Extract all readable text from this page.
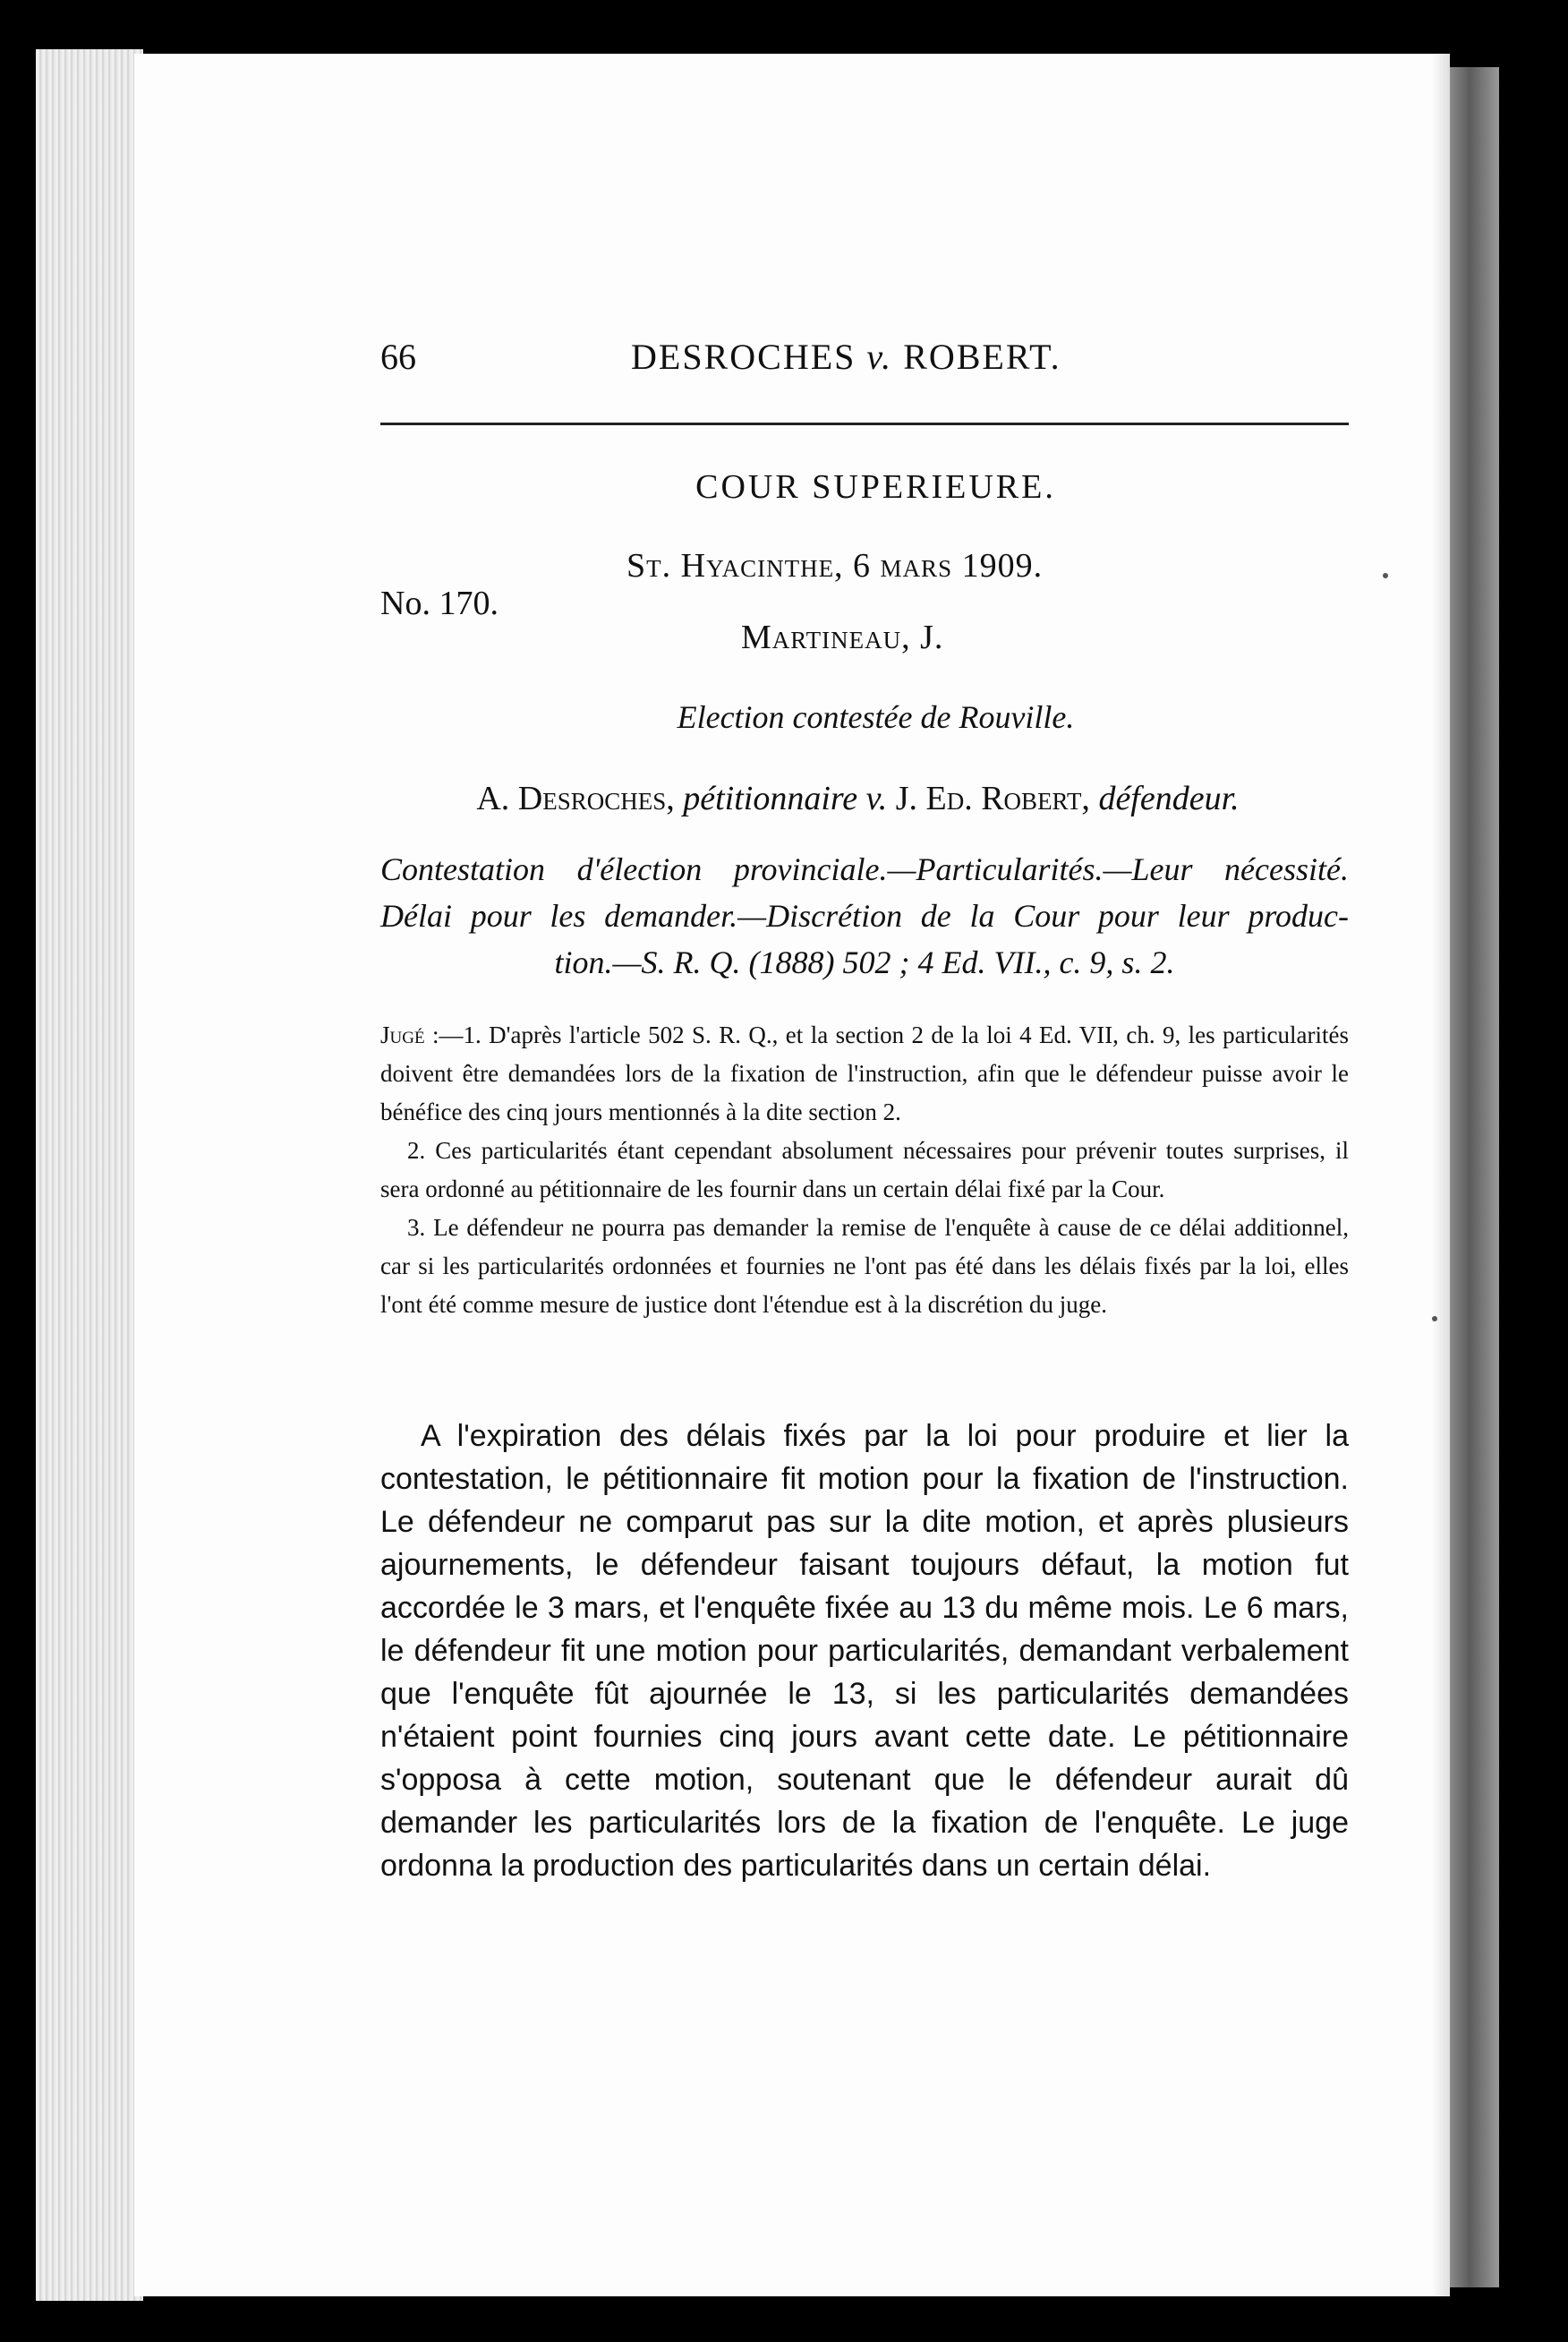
66	DESROCHES v. ROBERT.
COUR SUPERIEURE.
St. Hyacinthe, 6 mars 1909.
No. 170.
Martineau, J.
Election contestée de Rouville.
A. Desroches, pétitionnaire v. J. Ed. Robert, défendeur.

Contestation d'élection provinciale.—Particularités.—Leur nécessité.

Délai pour les demander.—Discrétion de la Cour pour leur produc-

tion.—S. R. Q. (1888) 502 ; 4 Ed. VII., c. 9, s. 2.

Jugé :—1. D'après l'article 502 S. R. Q., et la section 2 de la loi 4 Ed. VII, ch. 9, les particularités doivent être demandées lors de la fixation de l'instruction, afin que le défendeur puisse avoir le bénéfice des cinq jours mentionnés à la dite section 2.

2. Ces particularités étant cependant absolument nécessaires pour prévenir toutes surprises, il sera ordonné au pétitionnaire de les fournir dans un certain délai fixé par la Cour.

3. Le défendeur ne pourra pas demander la remise de l'enquête à cause de ce délai additionnel, car si les particularités ordonnées et fournies ne l'ont pas été dans les délais fixés par la loi, elles l'ont été comme mesure de justice dont l'étendue est à la discrétion du juge.

A l'expiration des délais fixés par la loi pour produire et lier la contestation, le pétitionnaire fit motion pour la fixation de l'instruction. Le défendeur ne comparut pas sur la dite motion, et après plusieurs ajournements, le défendeur faisant toujours défaut, la motion fut accordée le 3 mars, et l'enquête fixée au 13 du même mois. Le 6 mars, le défendeur fit une motion pour particularités, demandant verbalement que l'enquête fût ajournée le 13, si les particularités demandées n'étaient point fournies cinq jours avant cette date. Le pétitionnaire s'opposa à cette motion, soutenant que le défendeur aurait dû demander les particularités lors de la fixation de l'enquête. Le juge ordonna la production des particularités dans un certain délai.
